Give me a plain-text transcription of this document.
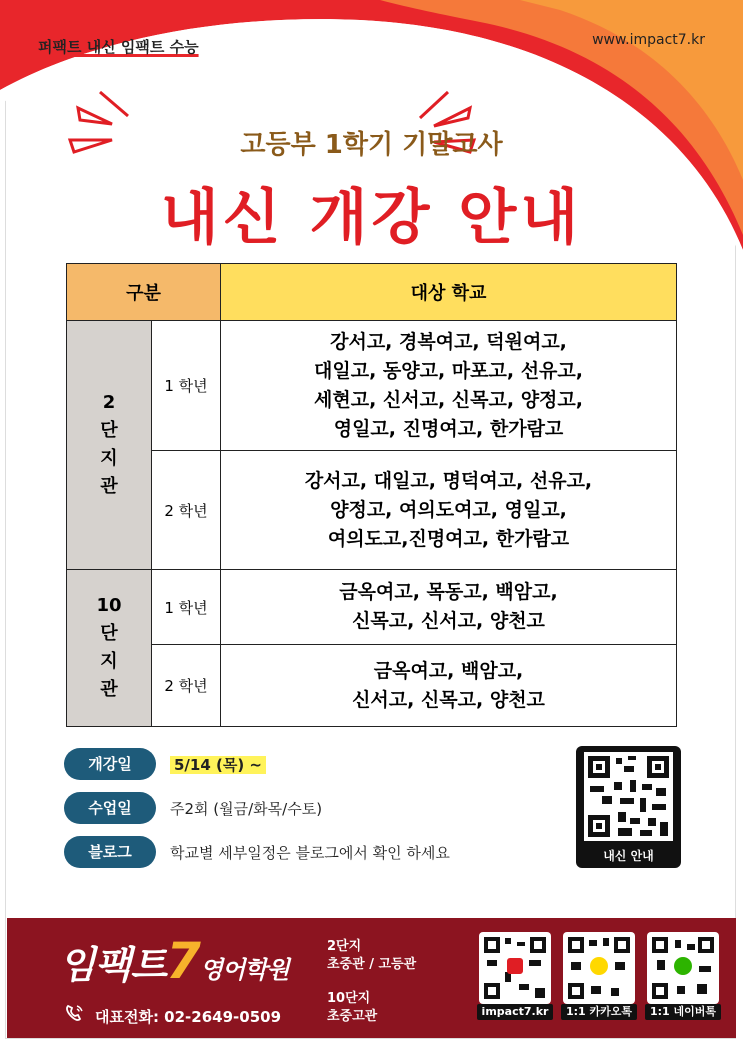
퍼팩트 내신 임팩트 수능	www.impact7.kr
고등부 1학기 기말고사
내신 개강 안내
구분		대상 학교
2
단
지
관	1 학년	강서고, 경복여고, 덕원여고,
대일고, 동양고, 마포고, 선유고,
세현고, 신서고, 신목고, 양정고,
영일고, 진명여고, 한가람고
	2 학년	강서고, 대일고, 명덕여고, 선유고,
양정고, 여의도여고, 영일고,
여의도고,진명여고, 한가람고
10
단
지
관	1 학년	금옥여고, 목동고, 백암고,
신목고, 신서고, 양천고
	2 학년	금옥여고, 백암고,
신서고, 신목고, 양천고
개강일	5/14 (목) ~
수업일	주2회 (월금/화목/수토)
블로그	학교별 세부일정은 블로그에서 확인 하세요	내신 안내
임팩트7영어학원
대표전화: 02-2649-0509
2단지
초중관 / 고등관
10단지
초중고관	impact7.kr	1:1 카카오톡	1:1 네이버톡
